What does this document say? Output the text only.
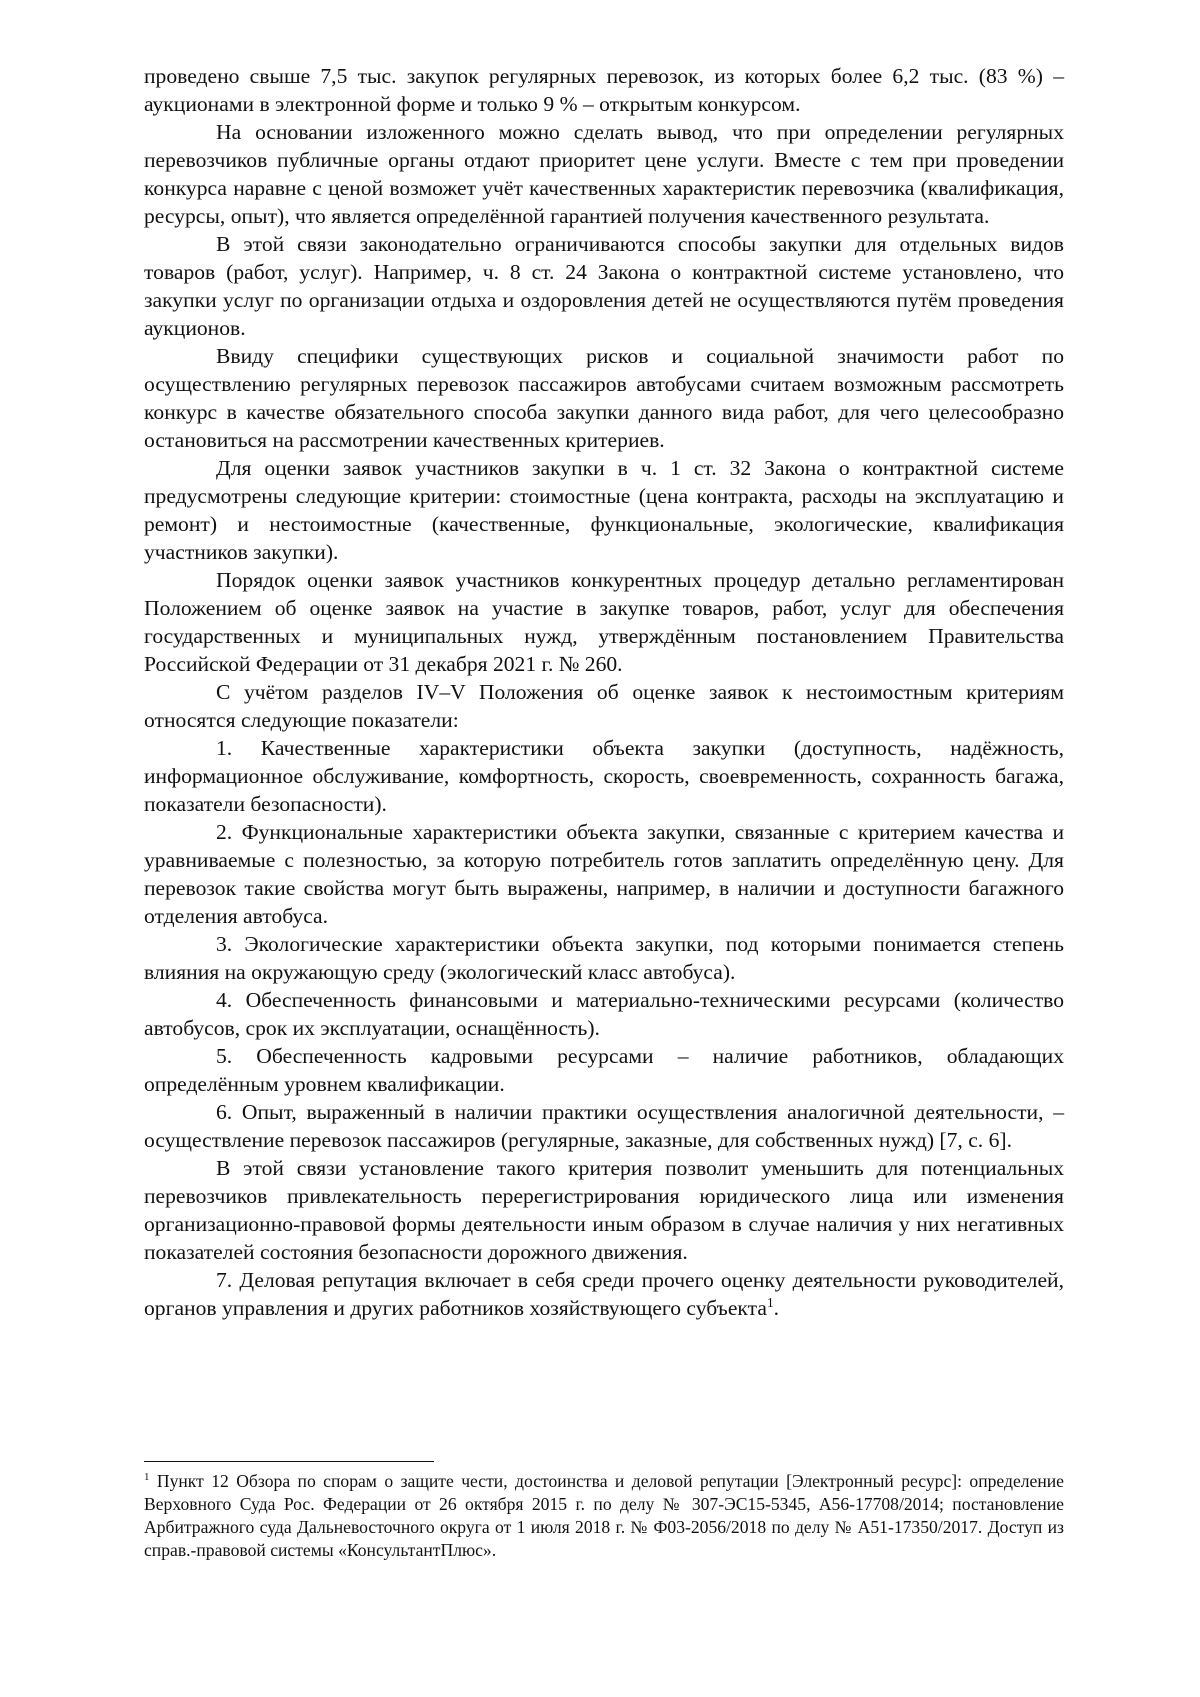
проведено свыше 7,5 тыс. закупок регулярных перевозок, из которых более 6,2 тыс. (83 %) – аукционами в электронной форме и только 9 % – открытым конкурсом.

На основании изложенного можно сделать вывод, что при определении регулярных перевозчиков публичные органы отдают приоритет цене услуги. Вместе с тем при проведении конкурса наравне с ценой возможет учёт качественных характеристик перевозчика (квалификация, ресурсы, опыт), что является определённой гарантией получения качественного результата.

В этой связи законодательно ограничиваются способы закупки для отдельных видов товаров (работ, услуг). Например, ч. 8 ст. 24 Закона о контрактной системе установлено, что закупки услуг по организации отдыха и оздоровления детей не осуществляются путём проведения аукционов.

Ввиду специфики существующих рисков и социальной значимости работ по осуществлению регулярных перевозок пассажиров автобусами считаем возможным рассмотреть конкурс в качестве обязательного способа закупки данного вида работ, для чего целесообразно остановиться на рассмотрении качественных критериев.

Для оценки заявок участников закупки в ч. 1 ст. 32 Закона о контрактной системе предусмотрены следующие критерии: стоимостные (цена контракта, расходы на эксплуатацию и ремонт) и нестоимостные (качественные, функциональные, экологические, квалификация участников закупки).

Порядок оценки заявок участников конкурентных процедур детально регламентирован Положением об оценке заявок на участие в закупке товаров, работ, услуг для обеспечения государственных и муниципальных нужд, утверждённым постановлением Правительства Российской Федерации от 31 декабря 2021 г. № 260.

С учётом разделов IV–V Положения об оценке заявок к нестоимостным критериям относятся следующие показатели:

1. Качественные характеристики объекта закупки (доступность, надёжность, информационное обслуживание, комфортность, скорость, своевременность, сохранность багажа, показатели безопасности).

2. Функциональные характеристики объекта закупки, связанные с критерием качества и уравниваемые с полезностью, за которую потребитель готов заплатить определённую цену. Для перевозок такие свойства могут быть выражены, например, в наличии и доступности багажного отделения автобуса.

3. Экологические характеристики объекта закупки, под которыми понимается степень влияния на окружающую среду (экологический класс автобуса).

4. Обеспеченность финансовыми и материально-техническими ресурсами (количество автобусов, срок их эксплуатации, оснащённость).

5. Обеспеченность кадровыми ресурсами – наличие работников, обладающих определённым уровнем квалификации.

6. Опыт, выраженный в наличии практики осуществления аналогичной деятельности, – осуществление перевозок пассажиров (регулярные, заказные, для собственных нужд) [7, с. 6].

В этой связи установление такого критерия позволит уменьшить для потенциальных перевозчиков привлекательность перерегистрирования юридического лица или изменения организационно-правовой формы деятельности иным образом в случае наличия у них негативных показателей состояния безопасности дорожного движения.

7. Деловая репутация включает в себя среди прочего оценку деятельности руководителей, органов управления и других работников хозяйствующего субъекта$^1$.

$^1$ Пункт 12 Обзора по спорам о защите чести, достоинства и деловой репутации [Электронный ресурс]: определение Верховного Суда Рос. Федерации от 26 октября 2015 г. по делу № 307-ЭС15-5345, А56-17708/2014; постановление Арбитражного суда Дальневосточного округа от 1 июля 2018 г. № Ф03-2056/2018 по делу № А51-17350/2017. Доступ из справ.-правовой системы «КонсультантПлюс».
